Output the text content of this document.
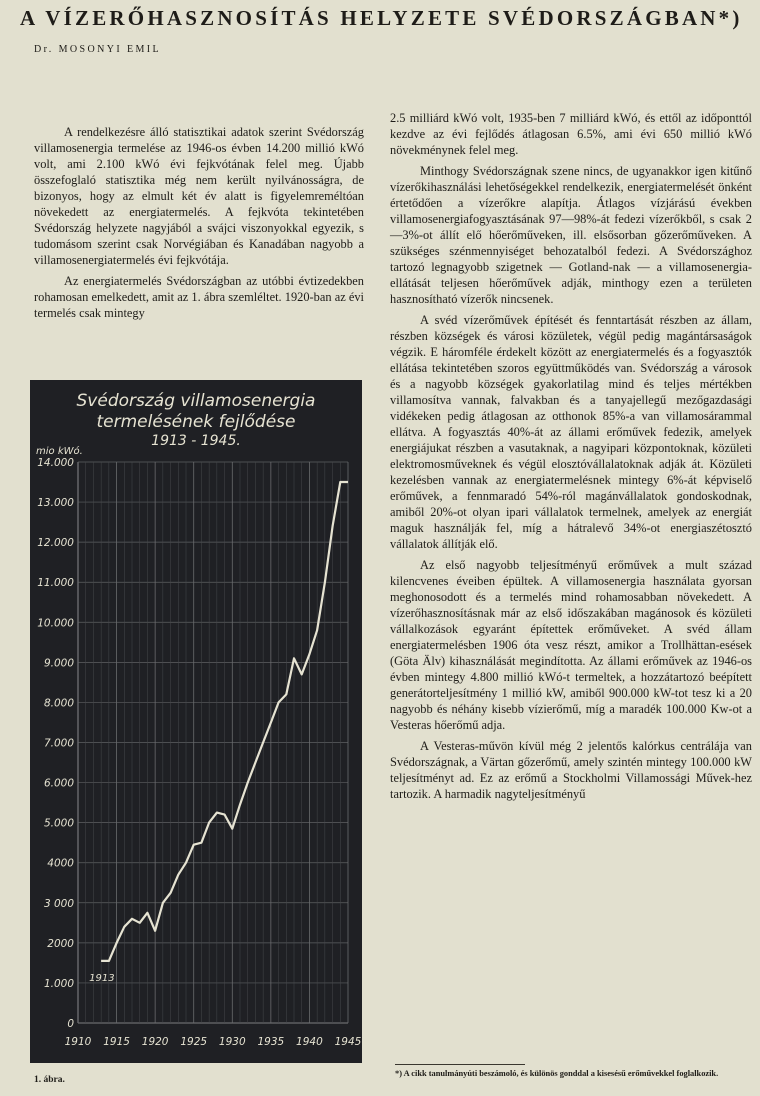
A VÍZERŐHASZNOSÍTÁS HELYZETE SVÉDORSZÁGBAN*)
Dr. MOSONYI EMIL

A rendelkezésre álló statisztikai adatok szerint Svédország villamosenergia termelése az 1946-os évben 14.200 millió kWó volt, ami 2.100 kWó évi fejkvótának felel meg. Újabb összefoglaló statisztika még nem került nyilvánosságra, de bizonyos, hogy az elmult két év alatt is figyelemreméltóan növekedett az energiatermelés. A fejkvóta tekintetében Svédország helyzete nagyjából a svájci viszonyokkal egyezik, s tudomásom szerint csak Norvégiában és Kanadában nagyobb a villamosenergiatermelés évi fejkvótája.

Az energiatermelés Svédországban az utóbbi évtizedekben rohamosan emelkedett, amit az 1. ábra szemléltet. 1920-ban az évi termelés csak mintegy

Svédország villamosenergia termelésének fejlődése
1913 - 1945.
mio kWó.
0
1.000
2000
3 000
4000
5.000
6.000
7.000
8.000
9.000
10.000
11.000
12.000
13.000
14.000
1910 1915 1920 1925 1930 1935 1940 1945
1913
1. ábra.

2.5 milliárd kWó volt, 1935-ben 7 milliárd kWó, és ettől az időponttól kezdve az évi fejlődés átlagosan 6.5%, ami évi 650 millió kWó növekménynek felel meg.

Minthogy Svédországnak szene nincs, de ugyanakkor igen kitűnő vízerőkihasználási lehetőségekkel rendelkezik, energiatermelését önként értetődően a vízerőkre alapítja. Átlagos vízjárású években villamosenergiafogyasztásának 97—98%-át fedezi vízerőkből, s csak 2—3%-ot állít elő hőerőműveken, ill. elsősorban gőzerőműveken. A szükséges szénmennyiséget behozatalból fedezi. A Svédországhoz tartozó legnagyobb szigetnek — Gotland-nak — a villamosenergia-ellátását teljesen hőerőművek adják, minthogy ezen a területen hasznosítható vízerők nincsenek.

A svéd vízerőművek építését és fenntartását részben az állam, részben községek és városi közületek, végül pedig magántársaságok végzik. E háromféle érdekelt között az energiatermelés és a fogyasztók ellátása tekintetében szoros együttműködés van. Svédország a városok és a nagyobb községek gyakorlatilag mind és teljes mértékben villamosítva vannak, falvakban és a tanyajellegű mezőgazdasági vidékeken pedig átlagosan az otthonok 85%-a van villamosárammal ellátva. A fogyasztás 40%-át az állami erőművek fedezik, amelyek energiájukat részben a vasutaknak, a nagyipari központoknak, közületi elektromosműveknek és végül elosztóvállalatoknak adják át. Közületi kezelésben vannak az energiatermelésnek mintegy 6%-át képviselő erőművek, a fennmaradó 54%-ról magánvállalatok gondoskodnak, amiből 20%-ot olyan ipari vállalatok termelnek, amelyek az energiát maguk használják fel, míg a hátralevő 34%-ot energiaszétosztó vállalatok állítják elő.

Az első nagyobb teljesítményű erőművek a mult század kilencvenes éveiben épültek. A villamosenergia használata gyorsan meghonosodott és a termelés mind rohamosabban növekedett. A vízerőhasznosításnak már az első időszakában magánosok és közületi vállalkozások egyaránt építettek erőműveket. A svéd állam energiatermelésben 1906 óta vesz részt, amikor a Trollhättan-esések (Göta Älv) kihasználását megindította. Az állami erőművek az 1946-os évben mintegy 4.800 millió kWó-t termeltek, a hozzátartozó beépített generátorteljesítmény 1 millió kW, amiből 900.000 kW-tot tesz ki a 20 nagyobb és néhány kisebb vízierőmű, míg a maradék 100.000 Kw-ot a Vesteras hőerőmű adja.

A Vesteras-művön kívül még 2 jelentős kalórkus centrálája van Svédországnak, a Värtan gőzerőmű, amely szintén mintegy 100.000 kW teljesítményt ad. Ez az erőmű a Stockholmi Villamossági Művek-hez tartozik. A harmadik nagyteljesítményű

*) A cikk tanulmányúti beszámoló, és különös gonddal a kisesésű erőművekkel foglalkozik.
